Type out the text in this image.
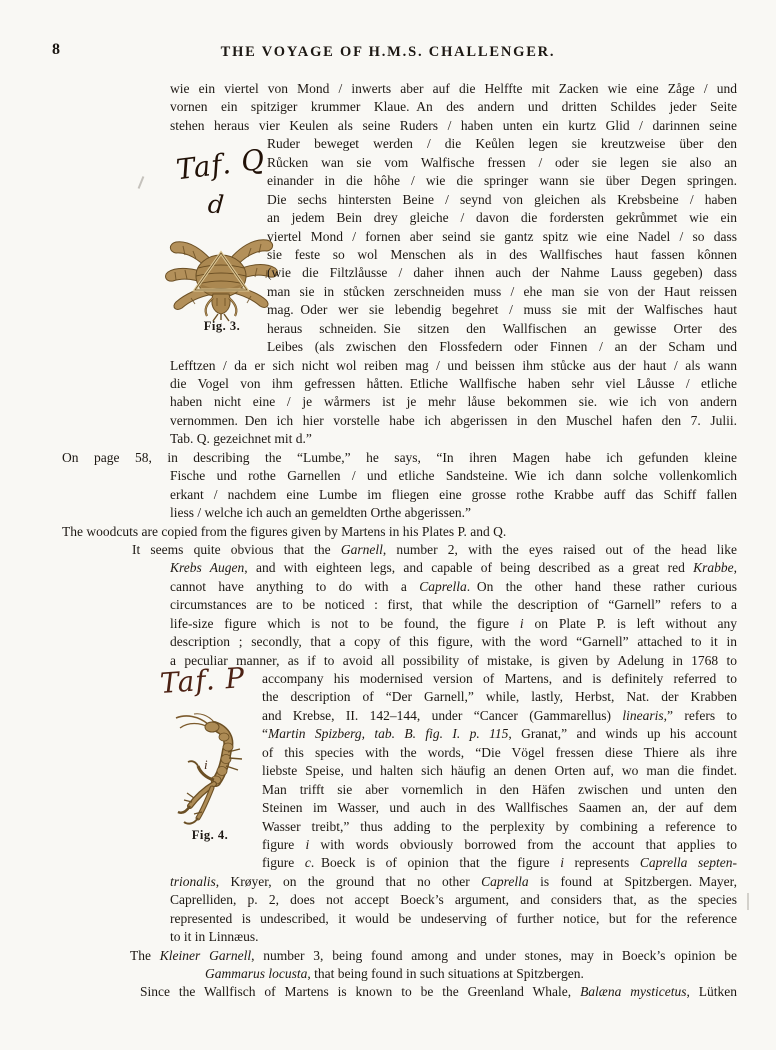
8	THE VOYAGE OF H.M.S. CHALLENGER.
Taf. Q
d
Taf. P
Fig. 3.
i
Fig. 4.
wie ein viertel von Mond / inwerts aber auf die Helffte mit Zacken wie eine Zåge / und
vornen ein spitziger krummer Klaue. An des andern und dritten Schildes jeder Seite
stehen heraus vier Keulen als seine Ruders / haben unten ein kurtz Glid / darinnen seine
Ruder beweget werden / die Keůlen legen sie kreutzweise über den
Růcken wan sie vom Walfische fressen / oder sie legen sie also an
einander in die hôhe / wie die springer wann sie über Degen springen.
Die sechs hintersten Beine / seynd von gleichen als Krebsbeine / haben
an jedem Bein drey gleiche / davon die fordersten gekrůmmet wie ein
viertel Mond / fornen aber seind sie gantz spitz wie eine Nadel / so dass
sie feste so wol Menschen als in des Wallfisches haut fassen kônnen
(wie die Filtzlåusse / daher ihnen auch der Nahme Lauss gegeben) dass
man sie in stůcken zerschneiden muss / ehe man sie von der Haut reissen
mag. Oder wer sie lebendig begehret / muss sie mit der Walfisches haut
heraus schneiden. Sie sitzen den Wallfischen an gewisse Orter des
Leibes (als zwischen den Flossfedern oder Finnen / an der Scham und
Lefftzen / da er sich nicht wol reiben mag / und beissen ihm stůcke aus der haut / als wann
die Vogel von ihm gefressen håtten. Etliche Wallfische haben sehr viel Låusse / etliche
haben nicht eine / je wårmers ist je mehr låuse bekommen sie. wie ich von andern
vernommen. Den ich hier vorstelle habe ich abgerissen in den Muschel hafen den 7. Julii.
Tab. Q. gezeichnet mit d.”
On page 58, in describing the “Lumbe,” he says, “In ihren Magen habe ich gefunden kleine
Fische und rothe Garnellen / und etliche Sandsteine. Wie ich dann solche vollenkomlich
erkant / nachdem eine Lumbe im fliegen eine grosse rothe Krabbe auff das Schiff fallen
liess / welche ich auch an gemeldten Orthe abgerissen.”
The woodcuts are copied from the figures given by Martens in his Plates P. and Q.
It seems quite obvious that the Garnell, number 2, with the eyes raised out of the head like
Krebs Augen, and with eighteen legs, and capable of being described as a great red Krabbe,
cannot have anything to do with a Caprella. On the other hand these rather curious
circumstances are to be noticed : first, that while the description of “Garnell” refers to a
life-size figure which is not to be found, the figure i on Plate P. is left without any
description ; secondly, that a copy of this figure, with the word “Garnell” attached to it in
a peculiar manner, as if to avoid all possibility of mistake, is given by Adelung in 1768 to
accompany his modernised version of Martens, and is definitely referred to
the description of “Der Garnell,” while, lastly, Herbst, Nat. der Krabben
and Krebse, II. 142–144, under “Cancer (Gammarellus) linearis,” refers to
“Martin Spizberg, tab. B. fig. I. p. 115, Granat,” and winds up his account
of this species with the words, “Die Vögel fressen diese Thiere als ihre
liebste Speise, und halten sich häufig an denen Orten auf, wo man die findet.
Man trifft sie aber vornemlich in den Häfen zwischen und unten den
Steinen im Wasser, und auch in des Wallfisches Saamen an, der auf dem
Wasser treibt,” thus adding to the perplexity by combining a reference to
figure i with words obviously borrowed from the account that applies to
figure c. Boeck is of opinion that the figure i represents Caprella septen-
trionalis, Krøyer, on the ground that no other Caprella is found at Spitzbergen. Mayer,
Caprelliden, p. 2, does not accept Boeck’s argument, and considers that, as the species
represented is undescribed, it would be undeserving of further notice, but for the reference
to it in Linnæus.
The Kleiner Garnell, number 3, being found among and under stones, may in Boeck’s opinion be
Gammarus locusta, that being found in such situations at Spitzbergen.
Since the Wallfisch of Martens is known to be the Greenland Whale, Balæna mysticetus, Lütken
